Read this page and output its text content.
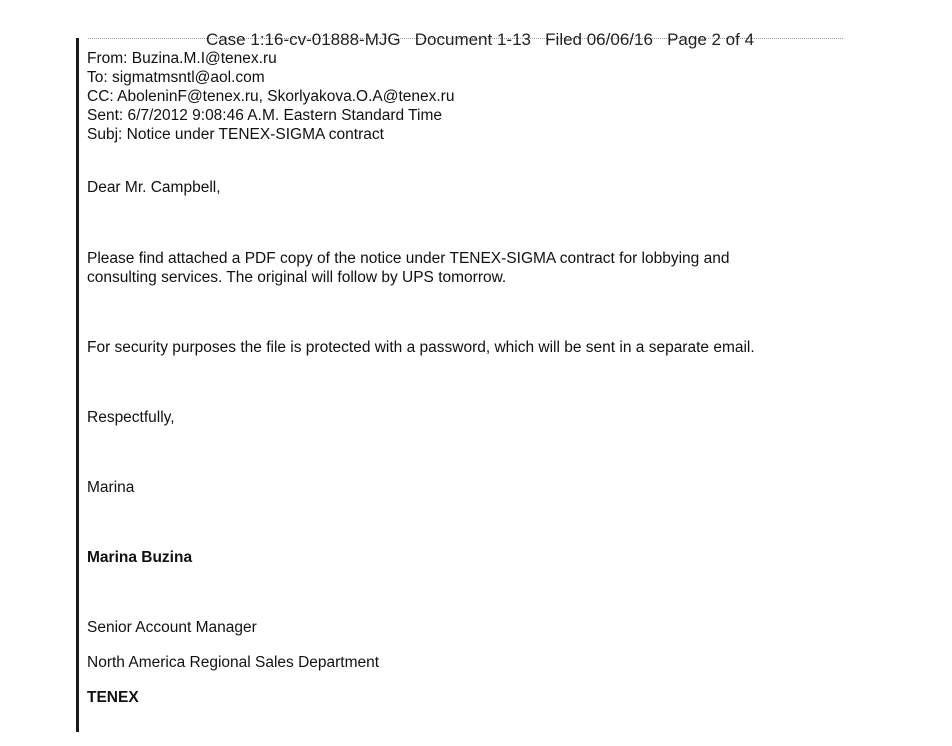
Case 1:16-cv-01888-MJG   Document 1-13   Filed 06/06/16   Page 2 of 4
From: Buzina.M.I@tenex.ru
To: sigmatmsntl@aol.com
CC: AboleninF@tenex.ru, Skorlyakova.O.A@tenex.ru
Sent: 6/7/2012 9:08:46 A.M. Eastern Standard Time
Subj: Notice under TENEX-SIGMA contract
Dear Mr. Campbell,
Please find attached a PDF copy of the notice under TENEX-SIGMA contract for lobbying and
consulting services. The original will follow by UPS tomorrow.
For security purposes the file is protected with a password, which will be sent in a separate email.
Respectfully,
Marina
Marina Buzina
Senior Account Manager
North America Regional Sales Department
TENEX
